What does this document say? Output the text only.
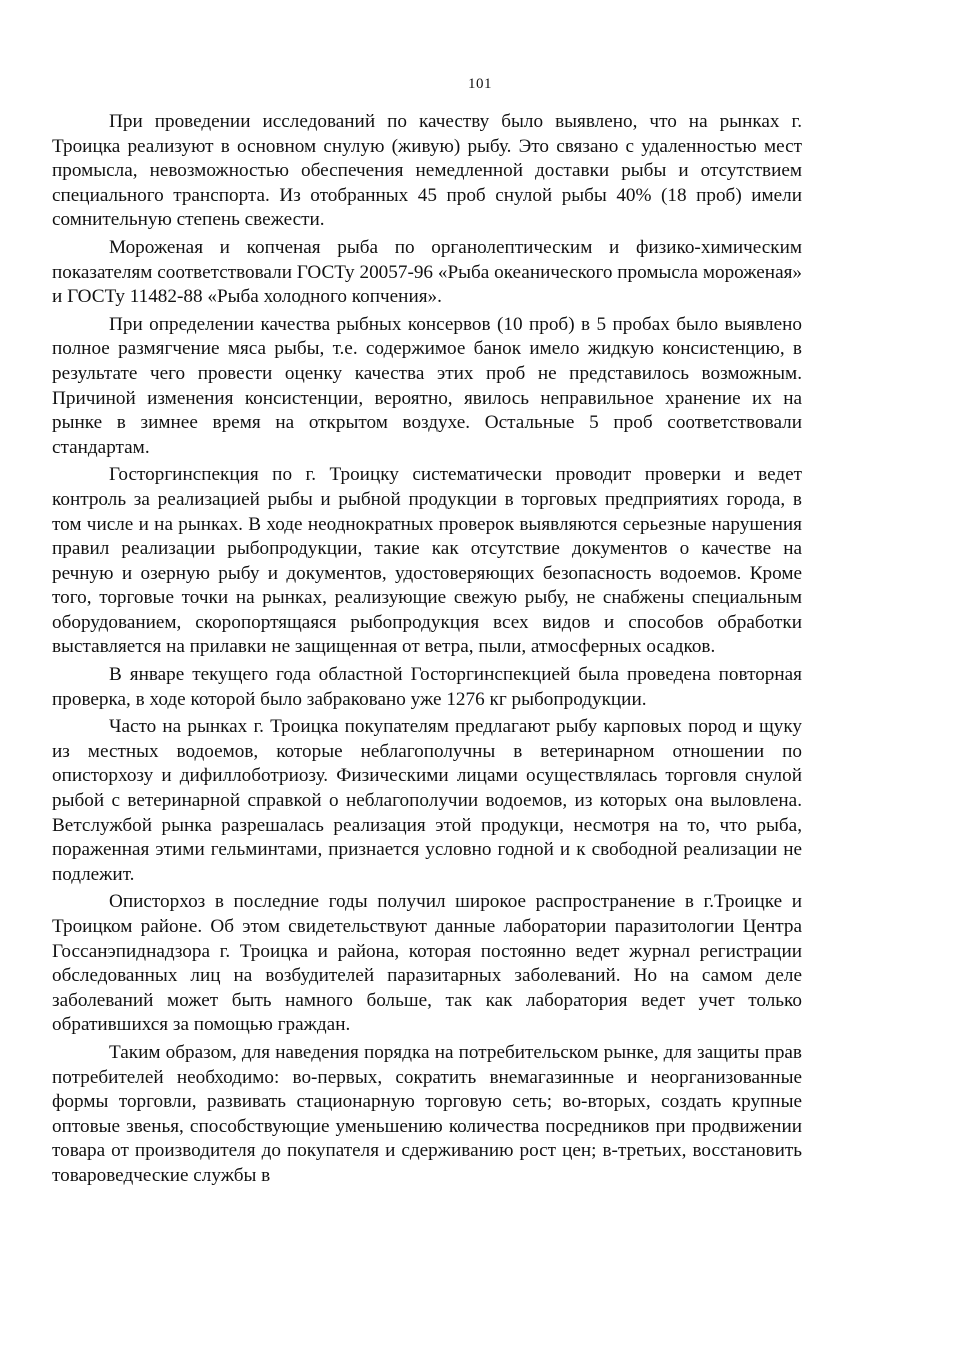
101

При проведении исследований по качеству было выявлено, что на рынках г. Троицка реализуют в основном снулую (живую) рыбу. Это связано с удаленностью мест промысла, невозможностью обеспечения немедленной доставки рыбы и отсутствием специального транспорта. Из отобранных 45 проб снулой рыбы 40% (18 проб) имели сомнительную степень свежести.

Мороженая и копченая рыба по органолептическим и физико-химическим показателям соответствовали ГОСТу 20057-96 «Рыба океанического промысла мороженая» и ГОСТу 11482-88 «Рыба холодного копчения».

При определении качества рыбных консервов (10 проб) в 5 пробах было выявлено полное размягчение мяса рыбы, т.е. содержимое банок имело жидкую консистенцию, в результате чего провести оценку качества этих проб не представилось возможным. Причиной изменения консистенции, вероятно, явилось неправильное хранение их на рынке в зимнее время на открытом воздухе. Остальные 5 проб соответствовали стандартам.

Госторгинспекция по г. Троицку систематически проводит проверки и ведет контроль за реализацией рыбы и рыбной продукции в торговых предприятиях города, в том числе и на рынках. В ходе неоднократных проверок выявляются серьезные нарушения правил реализации рыбопродукции, такие как отсутствие документов о качестве на речную и озерную рыбу и документов, удостоверяющих безопасность водоемов. Кроме того, торговые точки на рынках, реализующие свежую рыбу, не снабжены специальным оборудованием, скоропортящаяся рыбопродукция всех видов и способов обработки выставляется на прилавки не защищенная от ветра, пыли, атмосферных осадков.

В январе текущего года областной Госторгинспекцией была проведена повторная проверка, в ходе которой было забраковано уже 1276 кг рыбопродукции.

Часто на рынках г. Троицка покупателям предлагают рыбу карповых пород и щуку из местных водоемов, которые неблагополучны в ветеринарном отношении по описторхозу и дифиллоботриозу. Физическими лицами осуществлялась торговля снулой рыбой с ветеринарной справкой о неблагополучии водоемов, из которых она выловлена. Ветслужбой рынка разрешалась реализация этой продукци, несмотря на то, что рыба, пораженная этими гельминтами, признается условно годной и к свободной реализации не подлежит.

Описторхоз в последние годы получил широкое распространение в г.Троицке и Троицком районе. Об этом свидетельствуют данные лаборатории паразитологии Центра Госсанэпиднадзора г. Троицка и района, которая постоянно ведет журнал регистрации обследованных лиц на возбудителей паразитарных заболеваний. Но на самом деле заболеваний может быть намного больше, так как лаборатория ведет учет только обратившихся за помощью граждан.

Таким образом, для наведения порядка на потребительском рынке, для защиты прав потребителей необходимо: во-первых, сократить внемагазинные и неорганизованные формы торговли, развивать стационарную торговую сеть; во-вторых, создать крупные оптовые звенья, способствующие уменьшению количества посредников при продвижении товара от производителя до покупателя и сдерживанию рост цен; в-третьих, восстановить товароведческие службы в
